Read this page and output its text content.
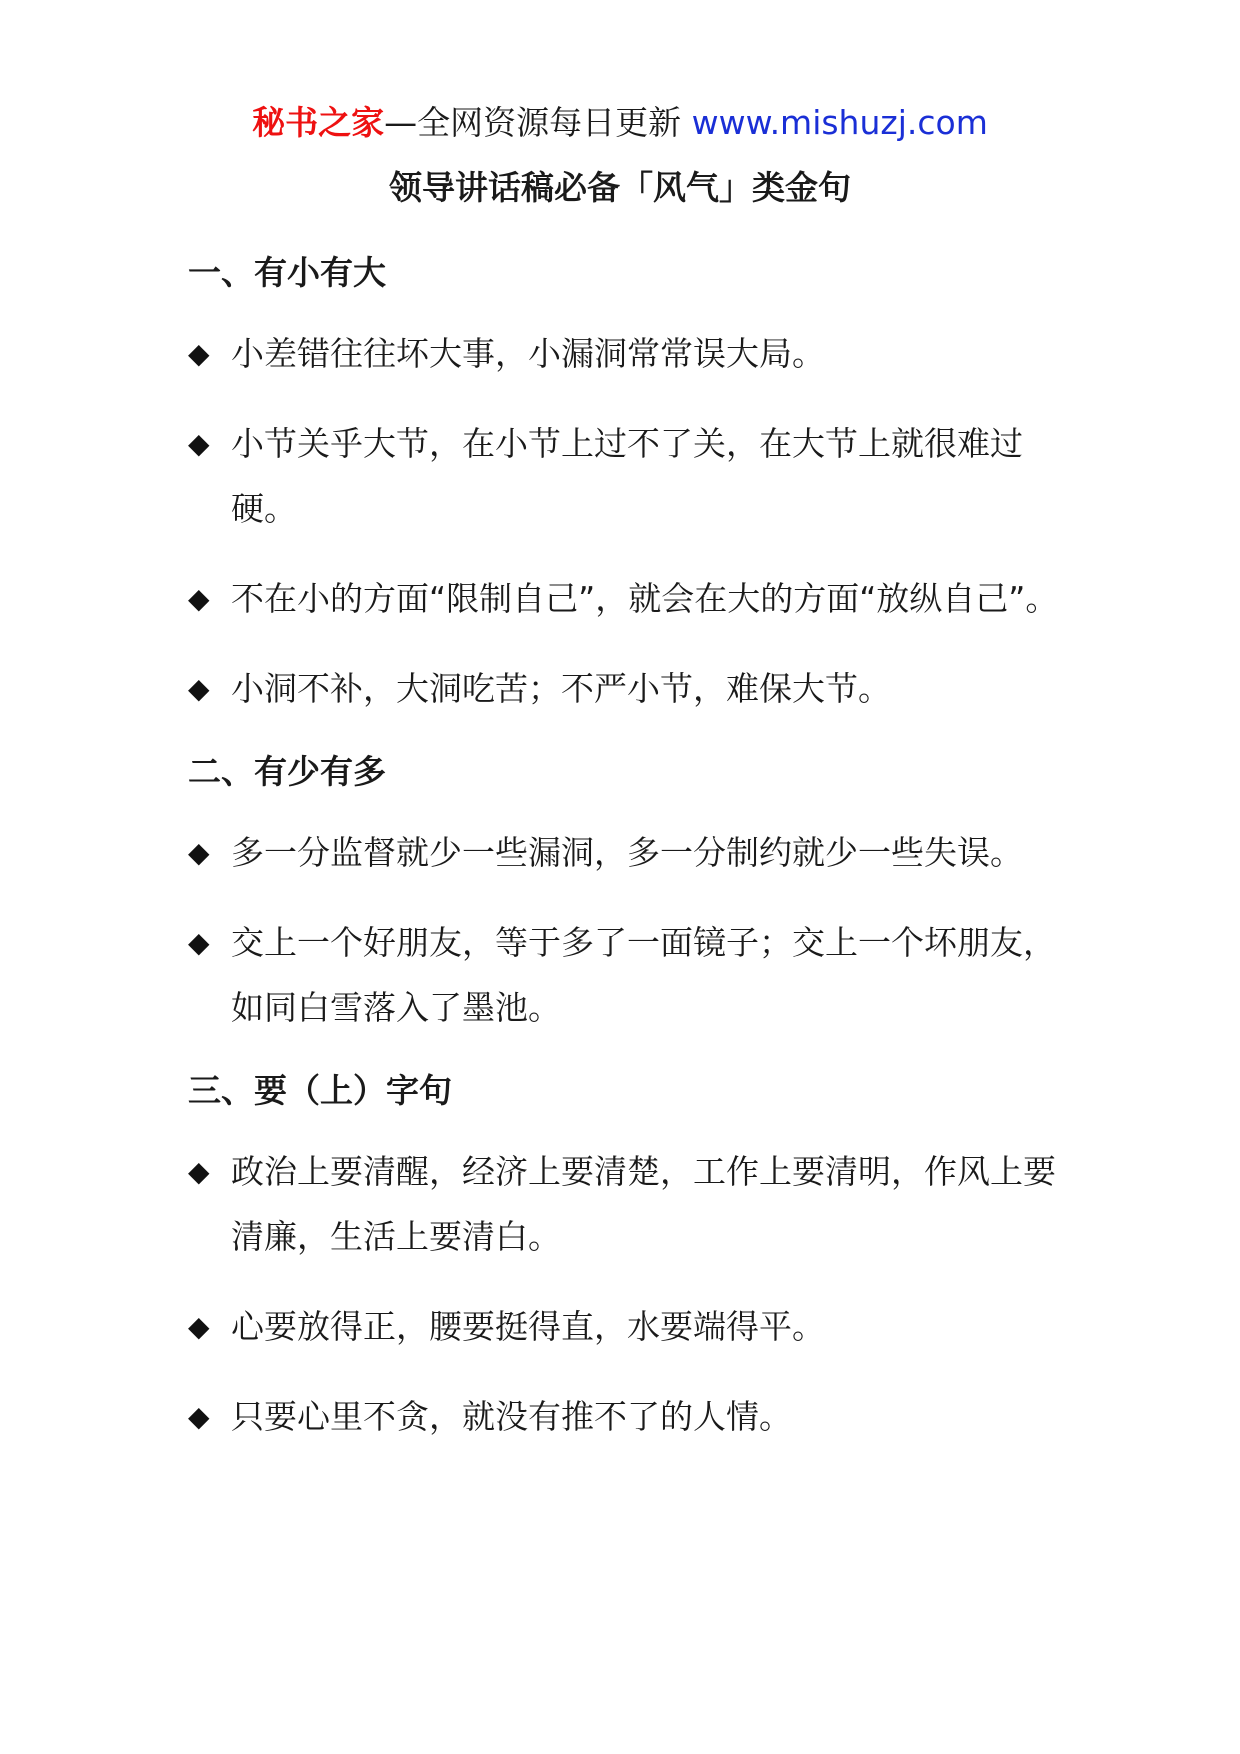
秘书之家—全网资源每日更新 www.mishuzj.com
领导讲话稿必备「风气」类金句
一、有小有大
◆ 小差错往往坏大事，小漏洞常常误大局。
◆ 小节关乎大节，在小节上过不了关，在大节上就很难过硬。
◆ 不在小的方面“限制自己”，就会在大的方面“放纵自己”。
◆ 小洞不补，大洞吃苦；不严小节，难保大节。
二、有少有多
◆ 多一分监督就少一些漏洞，多一分制约就少一些失误。
◆ 交上一个好朋友，等于多了一面镜子；交上一个坏朋友，如同白雪落入了墨池。
三、要（上）字句
◆ 政治上要清醒，经济上要清楚，工作上要清明，作风上要清廉，生活上要清白。
◆ 心要放得正，腰要挺得直，水要端得平。
◆ 只要心里不贪，就没有推不了的人情。
